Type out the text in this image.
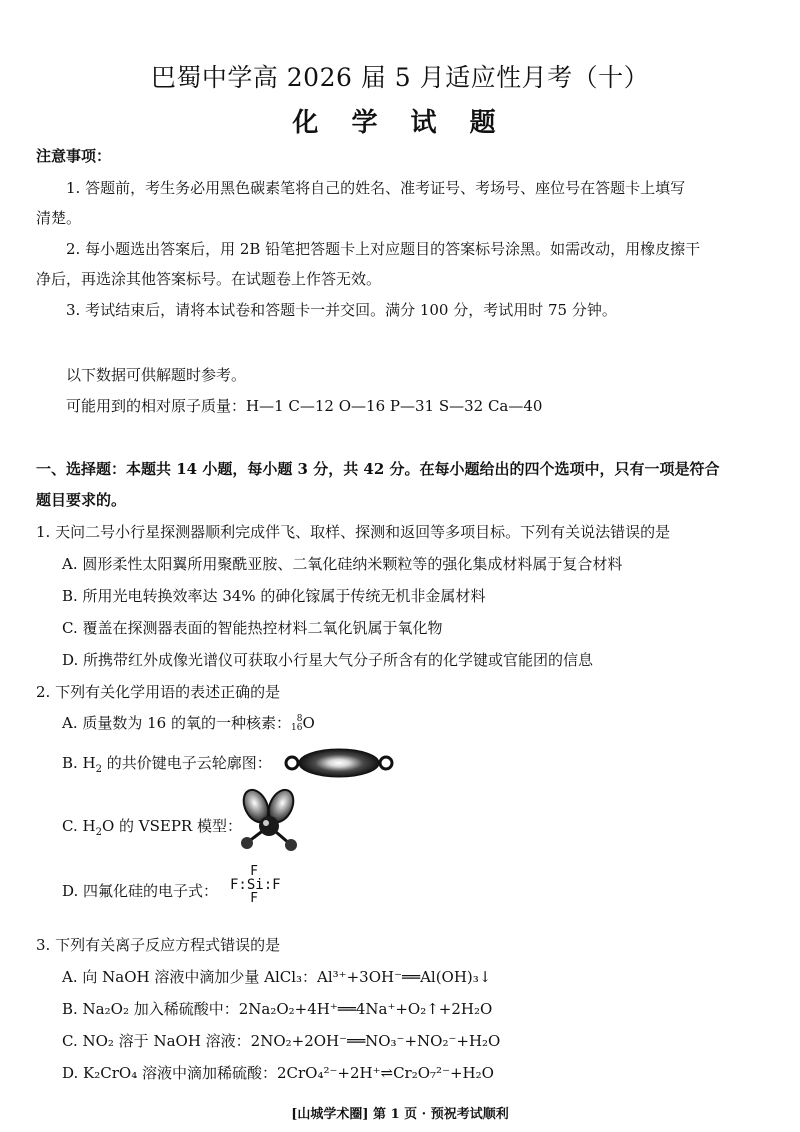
巴蜀中学高 2026 届 5 月适应性月考（十）
化 学 试 题
注意事项：
1. 答题前，考生务必用黑色碳素笔将自己的姓名、准考证号、考场号、座位号在答题卡上填写
清楚。
2. 每小题选出答案后，用 2B 铅笔把答题卡上对应题目的答案标号涂黑。如需改动，用橡皮擦干
净后，再选涂其他答案标号。在试题卷上作答无效。
3. 考试结束后，请将本试卷和答题卡一并交回。满分 100 分，考试用时 75 分钟。
以下数据可供解题时参考。
可能用到的相对原子质量：H—1 C—12 O—16 P—31 S—32 Ca—40
一、选择题：本题共 14 小题，每小题 3 分，共 42 分。在每小题给出的四个选项中，只有一项是符合
题目要求的。
1. 天问二号小行星探测器顺利完成伴飞、取样、探测和返回等多项目标。下列有关说法错误的是
A. 圆形柔性太阳翼所用聚酰亚胺、二氧化硅纳米颗粒等的强化集成材料属于复合材料
B. 所用光电转换效率达 34% 的砷化镓属于传统无机非金属材料
C. 覆盖在探测器表面的智能热控材料二氧化钒属于氧化物
D. 所携带红外成像光谱仪可获取小行星大气分子所含有的化学键或官能团的信息
2. 下列有关化学用语的表述正确的是
A. 质量数为 16 的氧的一种核素： 8
16 O
B. $H_2$ 的共价键电子云轮廓图：
C. $H_2O$ 的 VSEPR 模型：
D. 四氟化硅的电子式：
F
F:Si:F
F
3. 下列有关离子反应方程式错误的是
A. 向 NaOH 溶液中滴加少量 AlCl₃：Al³⁺+3OH⁻══Al(OH)₃↓
B. Na₂O₂ 加入稀硫酸中：2Na₂O₂+4H⁺══4Na⁺+O₂↑+2H₂O
C. NO₂ 溶于 NaOH 溶液：2NO₂+2OH⁻══NO₃⁻+NO₂⁻+H₂O
D. K₂CrO₄ 溶液中滴加稀硫酸：2CrO₄²⁻+2H⁺⇌Cr₂O₇²⁻+H₂O
[山城学术圈] 第 1 页 · 预祝考试顺利
